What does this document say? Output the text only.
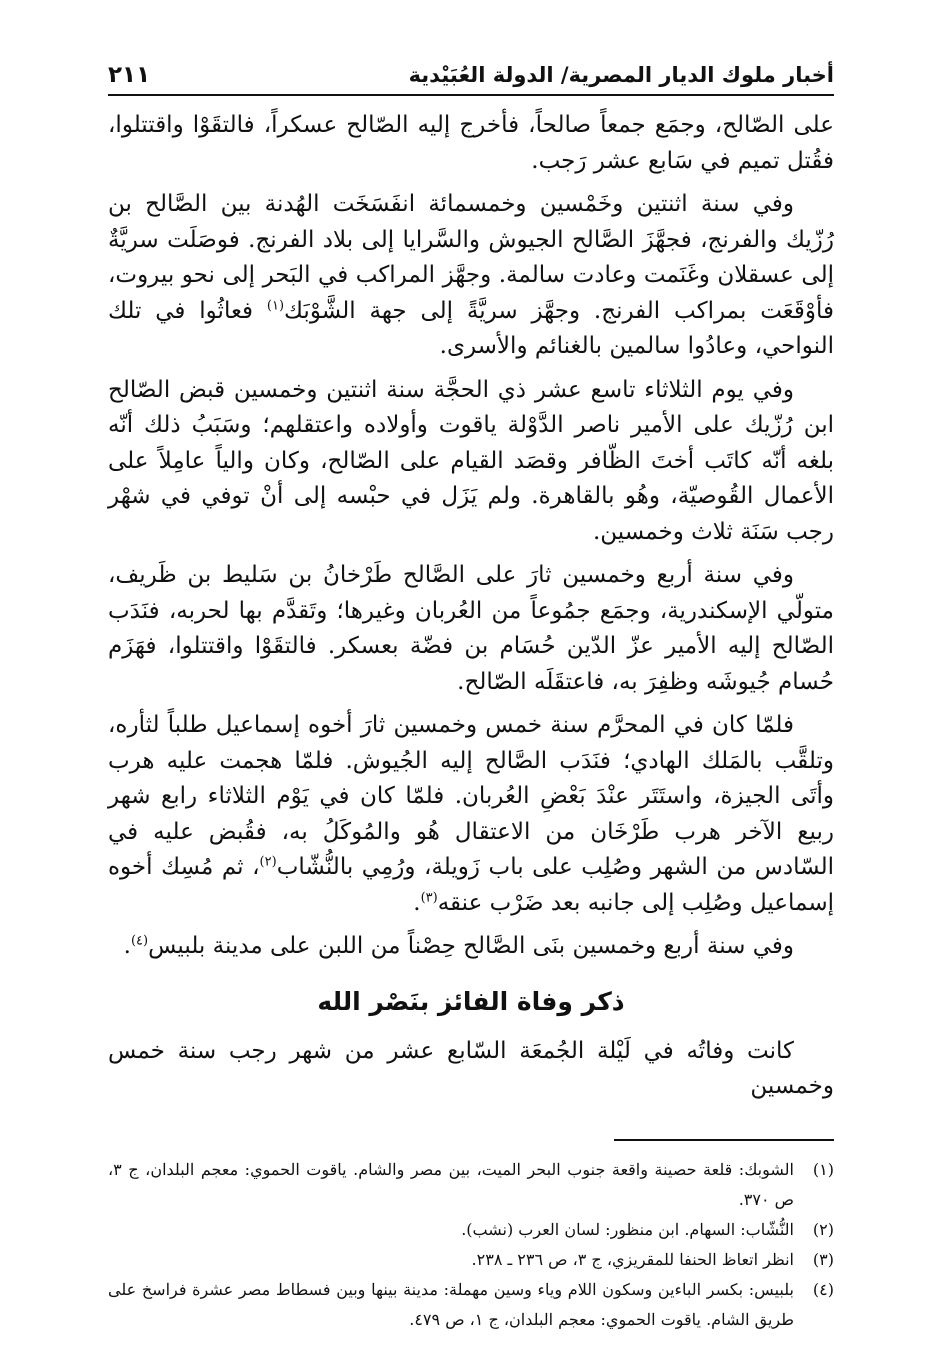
أخبار ملوك الديار المصرية/ الدولة العُبَيْدية
٢١١

على الصّالح، وجمَع جمعاً صالحاً، فأخرج إليه الصّالح عسكراً، فالتقَوْا واقتتلوا، فقُتل تميم في سَابع عشر رَجب.

وفي سنة اثنتين وخَمْسين وخمسمائة انفَسَخَت الهُدنة بين الصَّالح بن رُزّيك والفرنج، فجهَّزَ الصَّالح الجيوش والسَّرايا إلى بلاد الفرنج. فوصَلَت سريَّةٌ إلى عسقلان وغَنَمت وعادت سالمة. وجهَّز المراكب في البَحر إلى نحو بيروت، فأوْقَعَت بمراكب الفرنج. وجهَّز سريَّةً إلى جهة الشَّوْبَك$^{(١)}$ فعاثُوا في تلك النواحي، وعادُوا سالمين بالغنائم والأسرى.

وفي يوم الثلاثاء تاسع عشر ذي الحجَّة سنة اثنتين وخمسين قبض الصّالح ابن رُزّيك على الأمير ناصر الدَّوْلة ياقوت وأولاده واعتقلهم؛ وسَبَبُ ذلك أنّه بلغه أنّه كاتَب أختَ الظّافر وقصَد القيام على الصّالح، وكان والياً عامِلاً على الأعمال القُوصيّة، وهُو بالقاهرة. ولم يَزَل في حبْسه إلى أنْ توفي في شهْر رجب سَنَة ثلاث وخمسين.

وفي سنة أربع وخمسين ثارَ على الصَّالح طَرْخانُ بن سَليط بن ظَريف، متولّي الإسكندرية، وجمَع جمُوعاً من العُربان وغيرها؛ وتَقدَّم بها لحربه، فنَدَب الصّالح إليه الأمير عزّ الدّين حُسَام بن فضّة بعسكر. فالتقَوْا واقتتلوا، فهَزَم حُسام جُيوشَه وظفِرَ به، فاعتقَلَه الصّالح.

فلمّا كان في المحرَّم سنة خمس وخمسين ثارَ أخوه إسماعيل طلباً لثأره، وتلقَّب بالمَلك الهادي؛ فنَدَب الصَّالح إليه الجُيوش. فلمّا هجمت عليه هرب وأتَى الجيزة، واستَتَر عنْدَ بَعْضِ العُربان. فلمّا كان في يَوْم الثلاثاء رابع شهر ربيع الآخر هرب طَرْخَان من الاعتقال هُو والمُوكَلُ به، فقُبض عليه في السّادس من الشهر وصُلِب على باب زَويلة، ورُمِي بالنُّشّاب$^{(٢)}$، ثم مُسِك أخوه إسماعيل وصُلِب إلى جانبه بعد ضَرْب عنقه$^{(٣)}$.

وفي سنة أربع وخمسين بنَى الصَّالح حِصْناً من اللبن على مدينة بلبيس$^{(٤)}$.

ذكر وفاة الفائز بنَصْر الله

كانت وفاتُه في لَيْلة الجُمعَة السّابع عشر من شهر رجب سنة خمس وخمسين

(١)
الشوبك: قلعة حصينة واقعة جنوب البحر الميت، بين مصر والشام. ياقوت الحموي: معجم البلدان، ج ٣، ص ٣٧٠.
(٢)
النُّشّاب: السهام. ابن منظور: لسان العرب (نشب).
(٣)
انظر اتعاظ الحنفا للمقريزي، ج ٣، ص ٢٣٦ ـ ٢٣٨.
(٤)
بلبيس: بكسر الباءين وسكون اللام وياء وسين مهملة: مدينة بينها وبين فسطاط مصر عشرة فراسخ على طريق الشام. ياقوت الحموي: معجم البلدان، ج ١، ص ٤٧٩.
